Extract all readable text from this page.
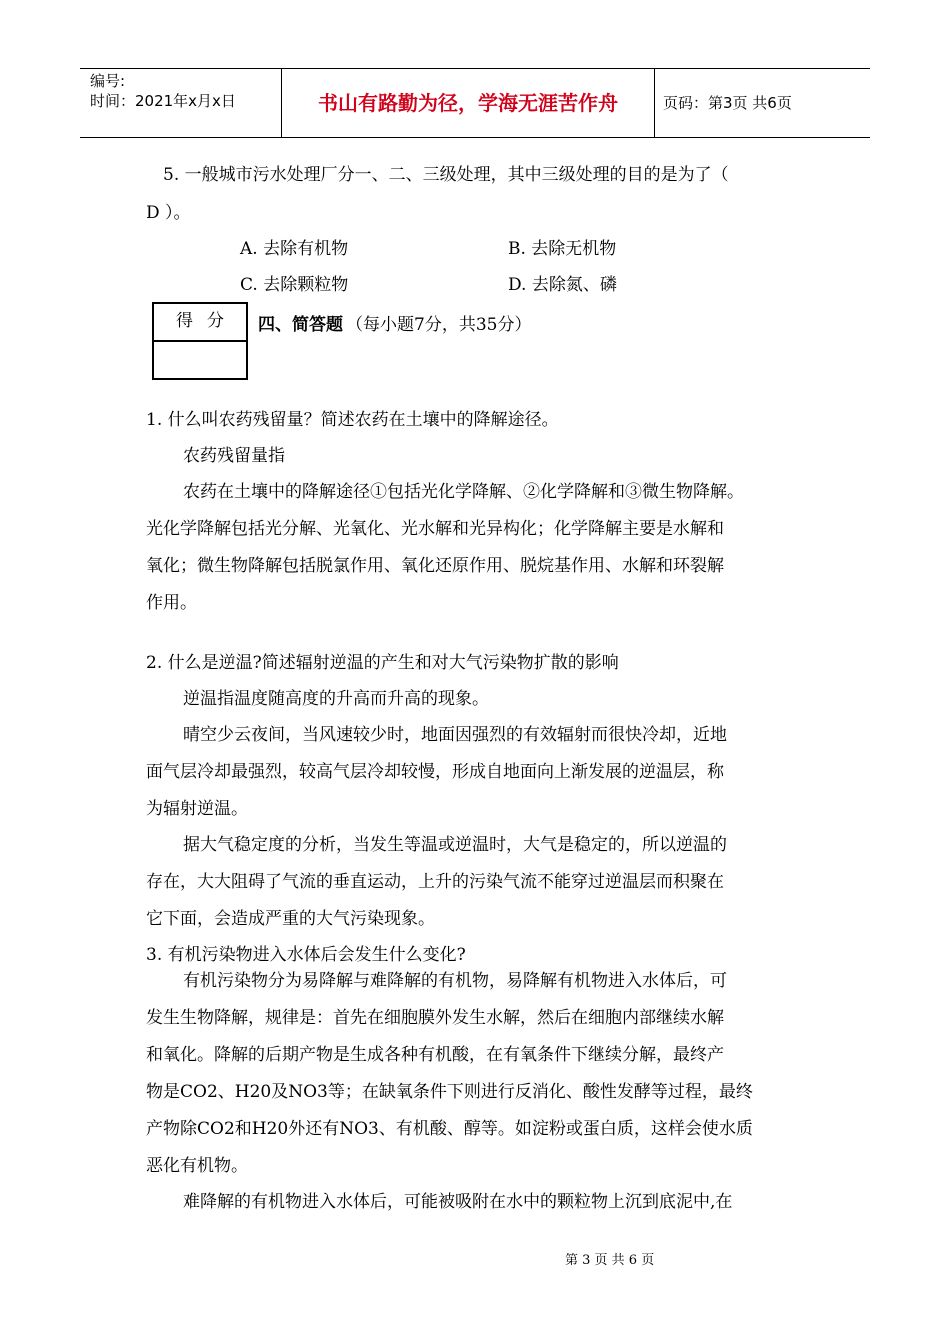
编号:
时间：2021年x月x日	书山有路勤为径，学海无涯苦作舟	页码：第3页 共6页
5. 一般城市污水处理厂分一、二、三级处理，其中三级处理的目的是为了（
D ）。
A. 去除有机物	B. 去除无机物
C. 去除颗粒物	D. 去除氮、磷
得分	四、简答题 （每小题7分，共35分）
1. 什么叫农药残留量？简述农药在土壤中的降解途径。
农药残留量指
农药在土壤中的降解途径①包括光化学降解、②化学降解和③微生物降解。
光化学降解包括光分解、光氧化、光水解和光异构化；化学降解主要是水解和
氧化；微生物降解包括脱氯作用、氧化还原作用、脱烷基作用、水解和环裂解
作用。
2. 什么是逆温?简述辐射逆温的产生和对大气污染物扩散的影响
逆温指温度随高度的升高而升高的现象。
晴空少云夜间，当风速较少时，地面因强烈的有效辐射而很快冷却，近地
面气层冷却最强烈，较高气层冷却较慢，形成自地面向上渐发展的逆温层，称
为辐射逆温。
据大气稳定度的分析，当发生等温或逆温时，大气是稳定的，所以逆温的
存在，大大阻碍了气流的垂直运动，上升的污染气流不能穿过逆温层而积聚在
它下面，会造成严重的大气污染现象。
3. 有机污染物进入水体后会发生什么变化?
有机污染物分为易降解与难降解的有机物，易降解有机物进入水体后，可
发生生物降解，规律是：首先在细胞膜外发生水解，然后在细胞内部继续水解
和氧化。降解的后期产物是生成各种有机酸，在有氧条件下继续分解，最终产
物是CO2、H20及NO3等；在缺氧条件下则进行反消化、酸性发酵等过程，最终
产物除CO2和H20外还有NO3、有机酸、醇等。如淀粉或蛋白质，这样会使水质
恶化有机物。
难降解的有机物进入水体后，可能被吸附在水中的颗粒物上沉到底泥中,在
第 3 页 共 6 页
